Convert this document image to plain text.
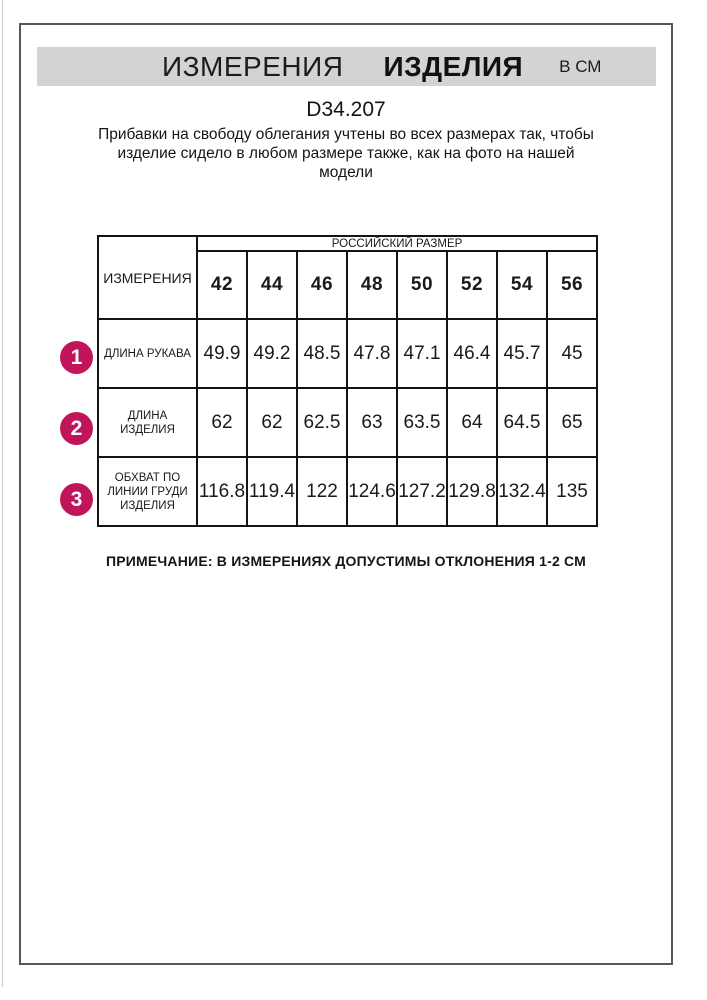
ИЗМЕРЕНИЯ ИЗДЕЛИЯ В СМ
D34.207
Прибавки на свободу облегания учтены во всех размерах так, чтобы
изделие сидело в любом размере также, как на фото на нашей
модели
ИЗМЕРЕНИЯ	РОССИЙСКИЙ РАЗМЕР							
	42	44	46	48	50	52	54	56

ДЛИНА РУКАВА	49.9	49.2	48.5	47.8	47.1	46.4	45.7	45

ДЛИНА
ИЗДЕЛИЯ	62	62	62.5	63	63.5	64	64.5	65

ОБХВАТ ПО
ЛИНИИ ГРУДИ
ИЗДЕЛИЯ	116.8	119.4	122	124.6	127.2	129.8	132.4	135
1
2
3
ПРИМЕЧАНИЕ: В ИЗМЕРЕНИЯХ ДОПУСТИМЫ ОТКЛОНЕНИЯ 1-2 СМ
